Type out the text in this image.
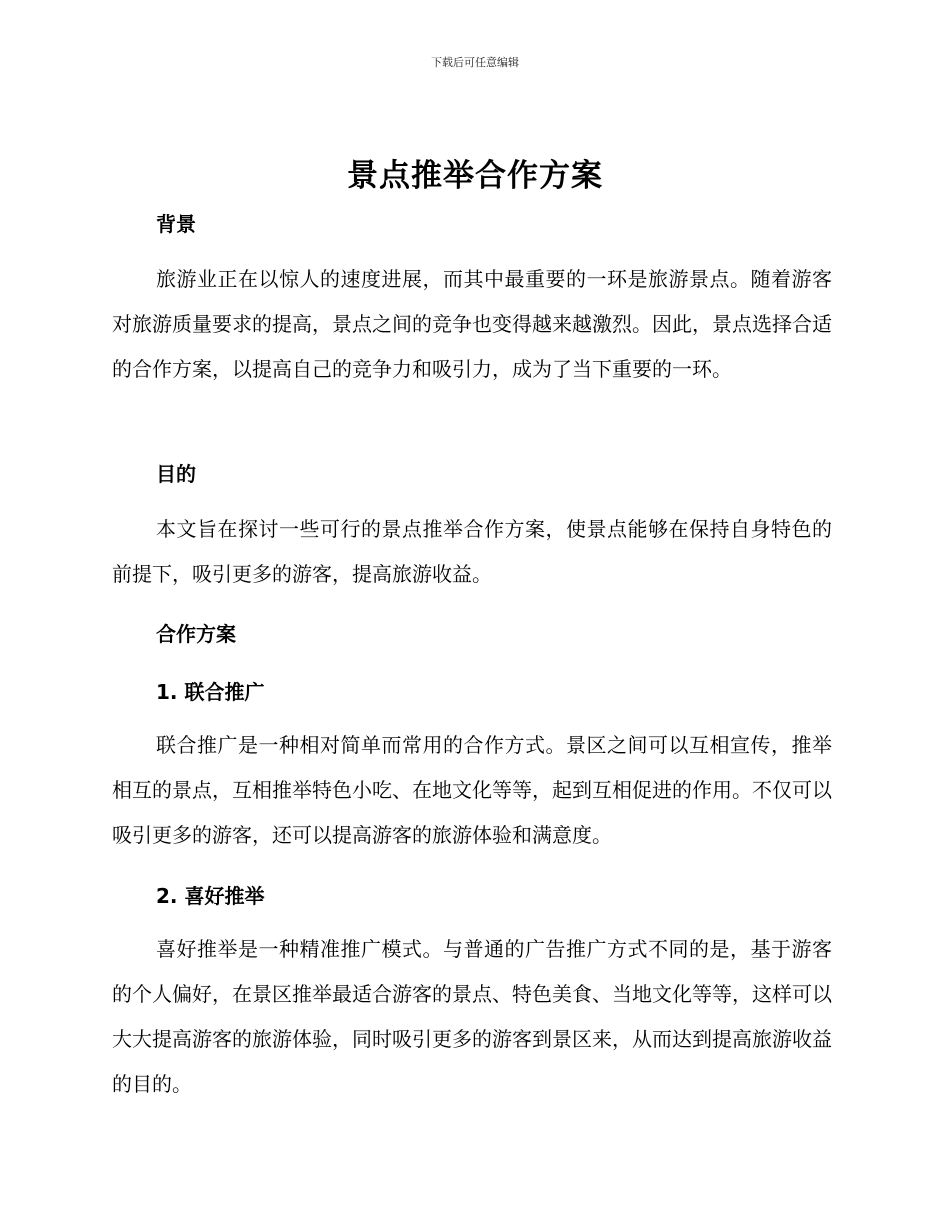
下载后可任意编辑
景点推举合作方案
背景

旅游业正在以惊人的速度进展，而其中最重要的一环是旅游景点。随着游客对旅游质量要求的提高，景点之间的竞争也变得越来越激烈。因此，景点选择合适的合作方案，以提高自己的竞争力和吸引力，成为了当下重要的一环。

目的

本文旨在探讨一些可行的景点推举合作方案，使景点能够在保持自身特色的前提下，吸引更多的游客，提高旅游收益。

合作方案
1. 联合推广

联合推广是一种相对简单而常用的合作方式。景区之间可以互相宣传，推举相互的景点，互相推举特色小吃、在地文化等等，起到互相促进的作用。不仅可以吸引更多的游客，还可以提高游客的旅游体验和满意度。

2. 喜好推举

喜好推举是一种精准推广模式。与普通的广告推广方式不同的是，基于游客的个人偏好，在景区推举最适合游客的景点、特色美食、当地文化等等，这样可以大大提高游客的旅游体验，同时吸引更多的游客到景区来，从而达到提高旅游收益的目的。
